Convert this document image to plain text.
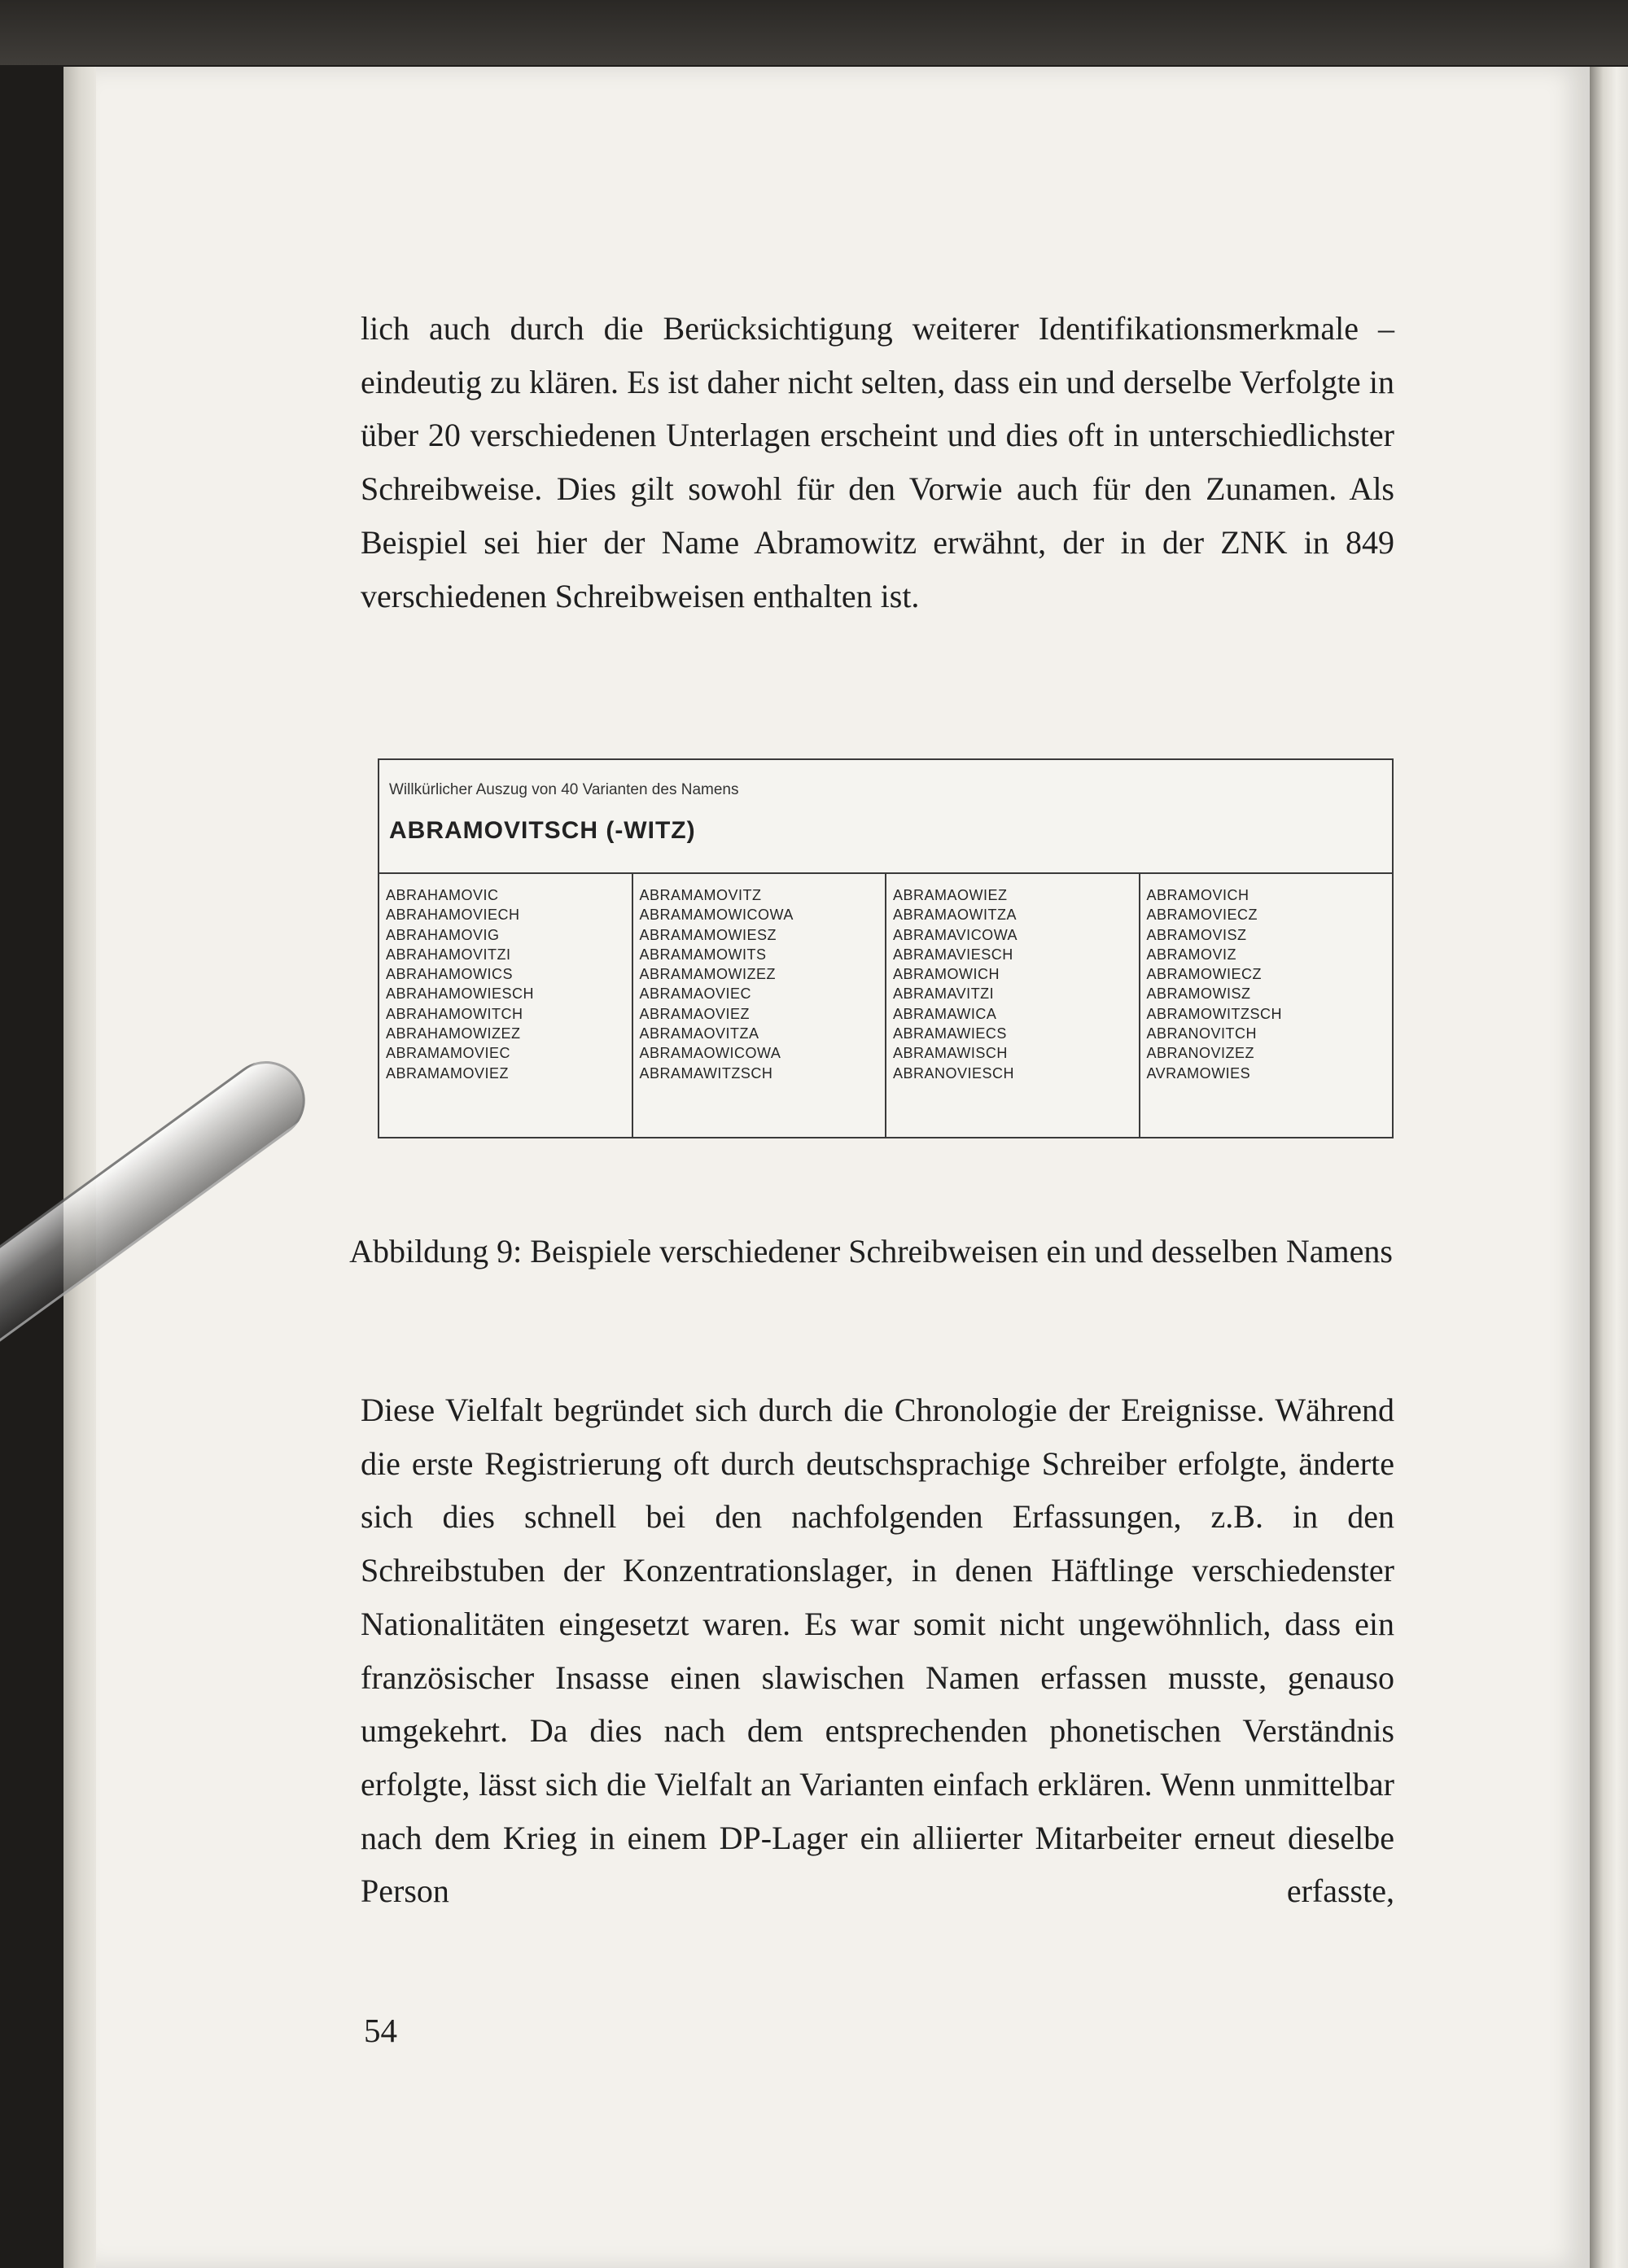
lich auch durch die Berücksichtigung weiterer Identifikationsmerkmale – eindeutig zu klären. Es ist daher nicht selten, dass ein und derselbe Verfolgte in über 20 verschiedenen Unterlagen erscheint und dies oft in unterschiedlichster Schreibweise. Dies gilt sowohl für den Vorwie auch für den Zunamen. Als Beispiel sei hier der Name Abramowitz erwähnt, der in der ZNK in 849 verschiedenen Schreibweisen enthalten ist.

Willkürlicher Auszug von 40 Varianten des Namens
ABRAMOVITSCH (-WITZ)
ABRAHAMOVIC
ABRAHAMOVIECH
ABRAHAMOVIG
ABRAHAMOVITZI
ABRAHAMOWICS
ABRAHAMOWIESCH
ABRAHAMOWITCH
ABRAHAMOWIZEZ
ABRAMAMOVIEC
ABRAMAMOVIEZ
ABRAMAMOVITZ
ABRAMAMOWICOWA
ABRAMAMOWIESZ
ABRAMAMOWITS
ABRAMAMOWIZEZ
ABRAMAOVIEC
ABRAMAOVIEZ
ABRAMAOVITZA
ABRAMAOWICOWA
ABRAMAWITZSCH
ABRAMAOWIEZ
ABRAMAOWITZA
ABRAMAVICOWA
ABRAMAVIESCH
ABRAMOWICH
ABRAMAVITZI
ABRAMAWICA
ABRAMAWIECS
ABRAMAWISCH
ABRANOVIESCH
ABRAMOVICH
ABRAMOVIECZ
ABRAMOVISZ
ABRAMOVIZ
ABRAMOWIECZ
ABRAMOWISZ
ABRAMOWITZSCH
ABRANOVITCH
ABRANOVIZEZ
AVRAMOWIES

Abbildung 9: Beispiele verschiedener Schreibweisen ein und desselben Namens

Diese Vielfalt begründet sich durch die Chronologie der Ereignisse. Während die erste Registrierung oft durch deutschsprachige Schreiber erfolgte, änderte sich dies schnell bei den nachfolgenden Erfassungen, z.B. in den Schreibstuben der Konzentrationslager, in denen Häftlinge verschiedenster Nationalitäten eingesetzt waren. Es war somit nicht ungewöhnlich, dass ein französischer Insasse einen slawischen Namen erfassen musste, genauso umgekehrt. Da dies nach dem entsprechenden phonetischen Verständnis erfolgte, lässt sich die Vielfalt an Varianten einfach erklären. Wenn unmittelbar nach dem Krieg in einem DP-Lager ein alliierter Mitarbeiter erneut dieselbe Person erfasste,

54
